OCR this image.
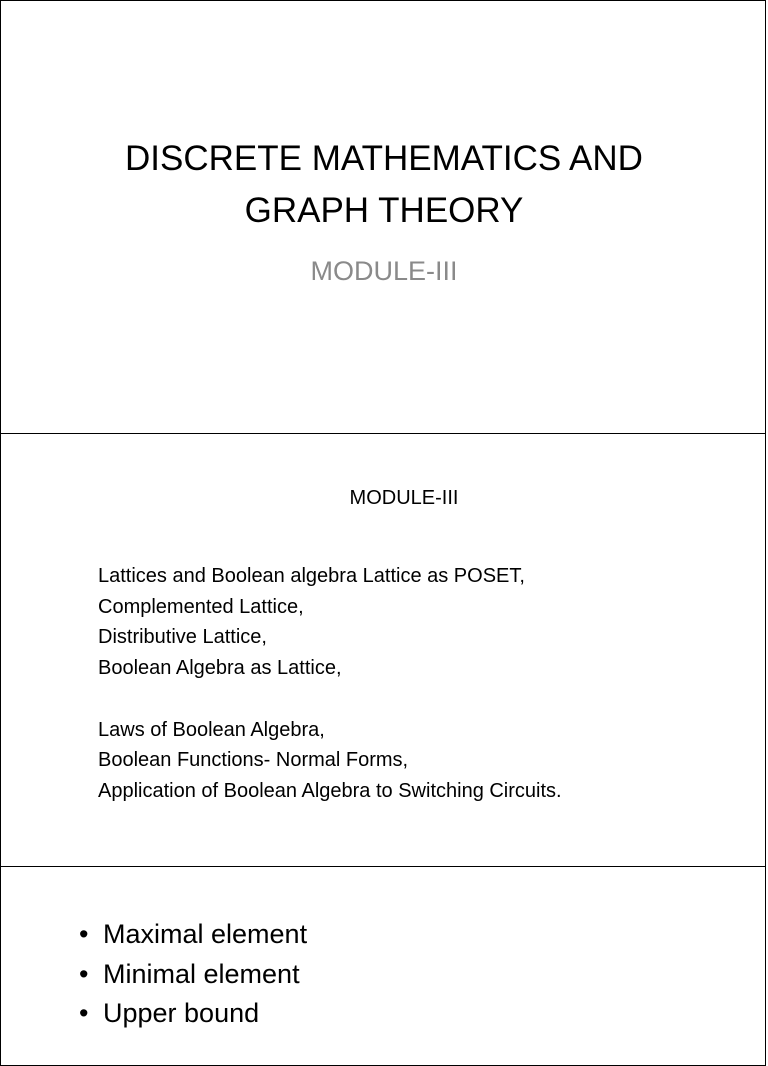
DISCRETE MATHEMATICS AND
GRAPH THEORY

MODULE-III

MODULE-III

Lattices and Boolean algebra Lattice as POSET,
Complemented Lattice,
Distributive Lattice,
Boolean Algebra as Lattice,
Laws of Boolean Algebra,
Boolean Functions- Normal Forms,
Application of Boolean Algebra to Switching Circuits.
• Maximal element
• Minimal element
• Upper bound
